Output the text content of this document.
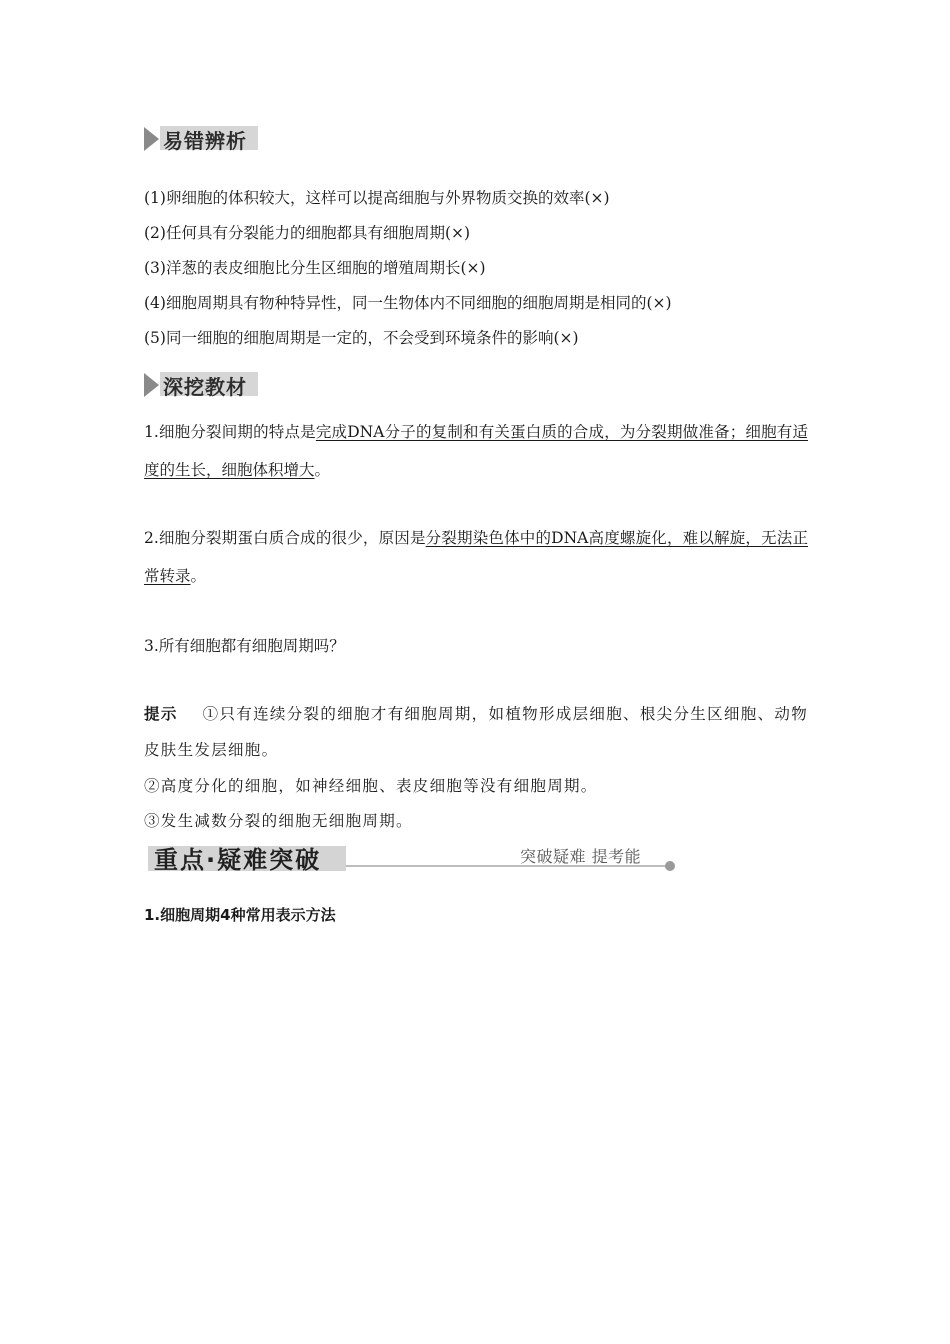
易错辨析
(1)卵细胞的体积较大，这样可以提高细胞与外界物质交换的效率(×)
(2)任何具有分裂能力的细胞都具有细胞周期(×)
(3)洋葱的表皮细胞比分生区细胞的增殖周期长(×)
(4)细胞周期具有物种特异性，同一生物体内不同细胞的细胞周期是相同的(×)
(5)同一细胞的细胞周期是一定的，不会受到环境条件的影响(×)
深挖教材
1.细胞分裂间期的特点是完成DNA分子的复制和有关蛋白质的合成，为分裂期做准备；细胞有适度的生长，细胞体积增大。
2.细胞分裂期蛋白质合成的很少，原因是分裂期染色体中的DNA高度螺旋化，难以解旋，无法正常转录。
3.所有细胞都有细胞周期吗？
提示 ①只有连续分裂的细胞才有细胞周期，如植物形成层细胞、根尖分生区细胞、动物皮肤生发层细胞。
②高度分化的细胞，如神经细胞、表皮细胞等没有细胞周期。
③发生减数分裂的细胞无细胞周期。
重点·疑难突破	突破疑难 提考能
1.细胞周期4种常用表示方法
